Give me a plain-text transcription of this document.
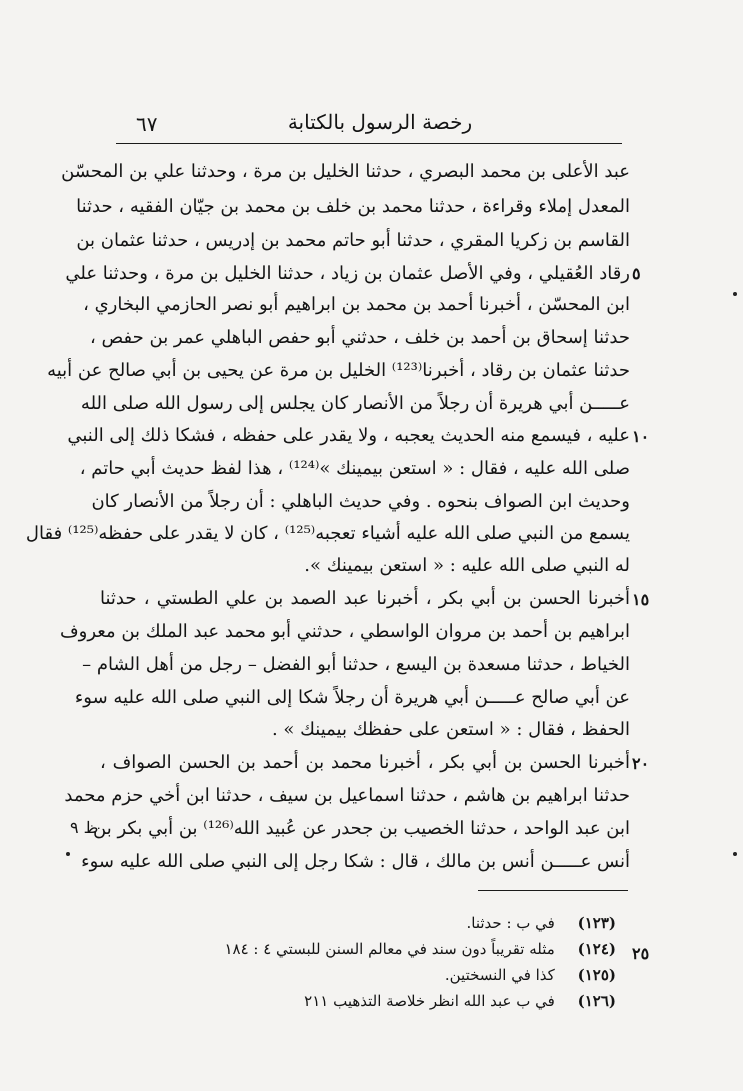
رخصة الرسول بالكتابة
٦٧
عبد الأعلى بن محمد البصري ، حدثنا الخليل بن مرة ، وحدثنا علي بن المحسّن
المعدل إملاء وقراءة ، حدثنا محمد بن خلف بن محمد بن جيّان الفقيه ، حدثنا
القاسم بن زكريا المقري ، حدثنا أبو حاتم محمد بن إدريس ، حدثنا عثمان بن
رقاد العُقيلي ، وفي الأصل عثمان بن زياد ، حدثنا الخليل بن مرة ، وحدثنا علي
ابن المحسّن ، أخبرنا أحمد بن محمد بن ابراهيم أبو نصر الحازمي البخاري ،
حدثنا إسحاق بن أحمد بن خلف ، حدثني أبو حفص الباهلي عمر بن حفص ،
حدثنا عثمان بن رقاد ، أخبرنا⁽¹²³⁾ الخليل بن مرة عن يحيى بن أبي صالح عن أبيه
عـــــن أبي هريرة أن رجلاً من الأنصار كان يجلس إلى رسول الله صلى الله
عليه ، فيسمع منه الحديث يعجبه ، ولا يقدر على حفظه ، فشكا ذلك إلى النبي
صلى الله عليه ، فقال : « استعن بيمينك »⁽¹²⁴⁾ ، هذا لفظ حديث أبي حاتم ،
وحديث ابن الصواف بنحوه . وفي حديث الباهلي : أن رجلاً من الأنصار كان
يسمع من النبي صلى الله عليه أشياء تعجبه⁽¹²⁵⁾ ، كان لا يقدر على حفظه⁽¹²⁵⁾ فقال
له النبي صلى الله عليه : « استعن بيمينك ».
أخبرنا الحسن بن أبي بكر ، أخبرنا عبد الصمد بن علي الطستي ، حدثنا
ابراهيم بن أحمد بن مروان الواسطي ، حدثني أبو محمد عبد الملك بن معروف
الخياط ، حدثنا مسعدة بن اليسع ، حدثنا أبو الفضل – رجل من أهل الشام –
عن أبي صالح عـــــن أبي هريرة أن رجلاً شكا إلى النبي صلى الله عليه سوء
الحفظ ، فقال : « استعن على حفظك بيمينك » .
أخبرنا الحسن بن أبي بكر ، أخبرنا محمد بن أحمد بن الحسن الصواف ،
حدثنا ابراهيم بن هاشم ، حدثنا اسماعيل بن سيف ، حدثنا ابن أخي حزم محمد
ابن عبد الواحد ، حدثنا الخصيب بن جحدر عن عُبيد الله⁽¹²⁶⁾ بن أبي بكر بن
أنس عـــــن أنس بن مالك ، قال : شكا رجل إلى النبي صلى الله عليه سوء
٥
١٠
١٥
٢٠
٢٥
ظ ٩
(١٢٣) في ب : حدثنا.
(١٢٤) مثله تقريباً دون سند في معالم السنن للبستي ٤ : ١٨٤
(١٢٥) كذا في النسختين.
(١٢٦) في ب عبد الله انظر خلاصة التذهيب ٢١١
